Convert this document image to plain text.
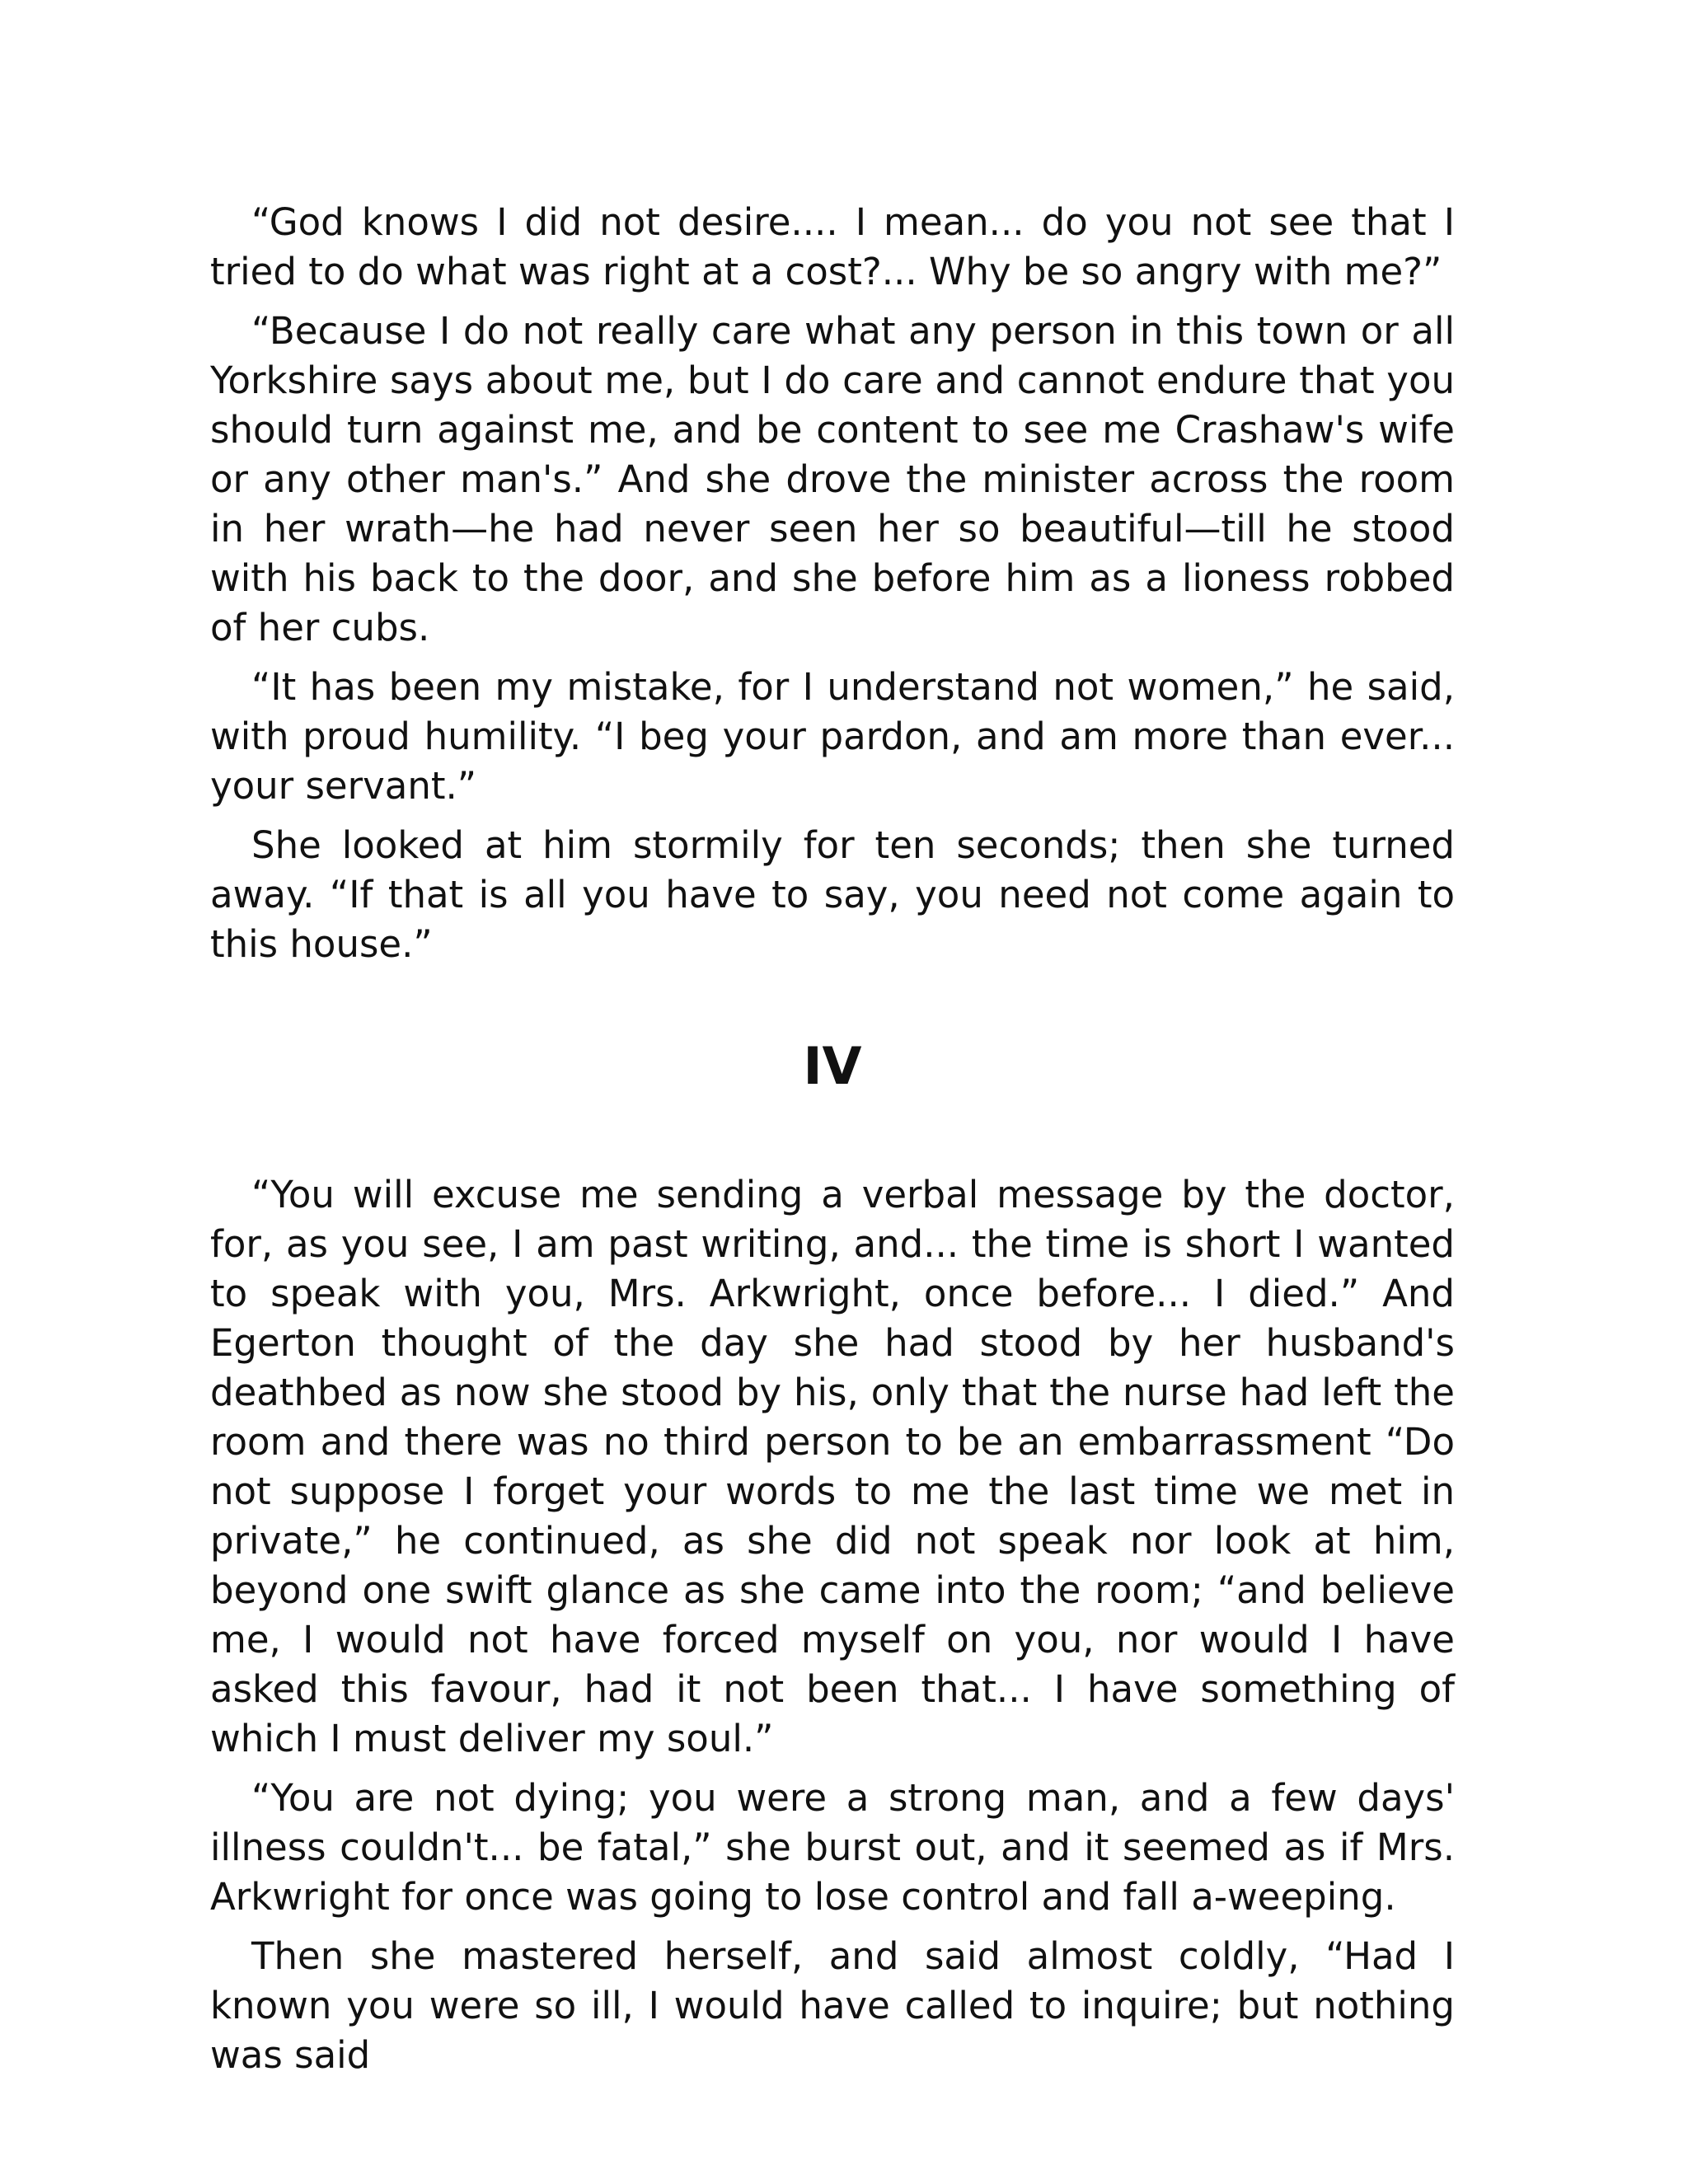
“God knows I did not desire.... I mean... do you not see that I tried to do what was right at a cost?... Why be so angry with me?”

“Because I do not really care what any person in this town or all Yorkshire says about me, but I do care and cannot endure that you should turn against me, and be content to see me Crashaw's wife or any other man's.” And she drove the minister across the room in her wrath—he had never seen her so beautiful—till he stood with his back to the door, and she before him as a lioness robbed of her cubs.

“It has been my mistake, for I understand not women,” he said, with proud humility. “I beg your pardon, and am more than ever... your servant.”

She looked at him stormily for ten seconds; then she turned away. “If that is all you have to say, you need not come again to this house.”

IV

“You will excuse me sending a verbal message by the doctor, for, as you see, I am past writing, and... the time is short I wanted to speak with you, Mrs. Arkwright, once before... I died.” And Egerton thought of the day she had stood by her husband's deathbed as now she stood by his, only that the nurse had left the room and there was no third person to be an embarrassment “Do not suppose I forget your words to me the last time we met in private,” he continued, as she did not speak nor look at him, beyond one swift glance as she came into the room; “and believe me, I would not have forced myself on you, nor would I have asked this favour, had it not been that... I have something of which I must deliver my soul.”

“You are not dying; you were a strong man, and a few days' illness couldn't... be fatal,” she burst out, and it seemed as if Mrs. Arkwright for once was going to lose control and fall a-weeping.

Then she mastered herself, and said almost coldly, “Had I known you were so ill, I would have called to inquire; but nothing was said
